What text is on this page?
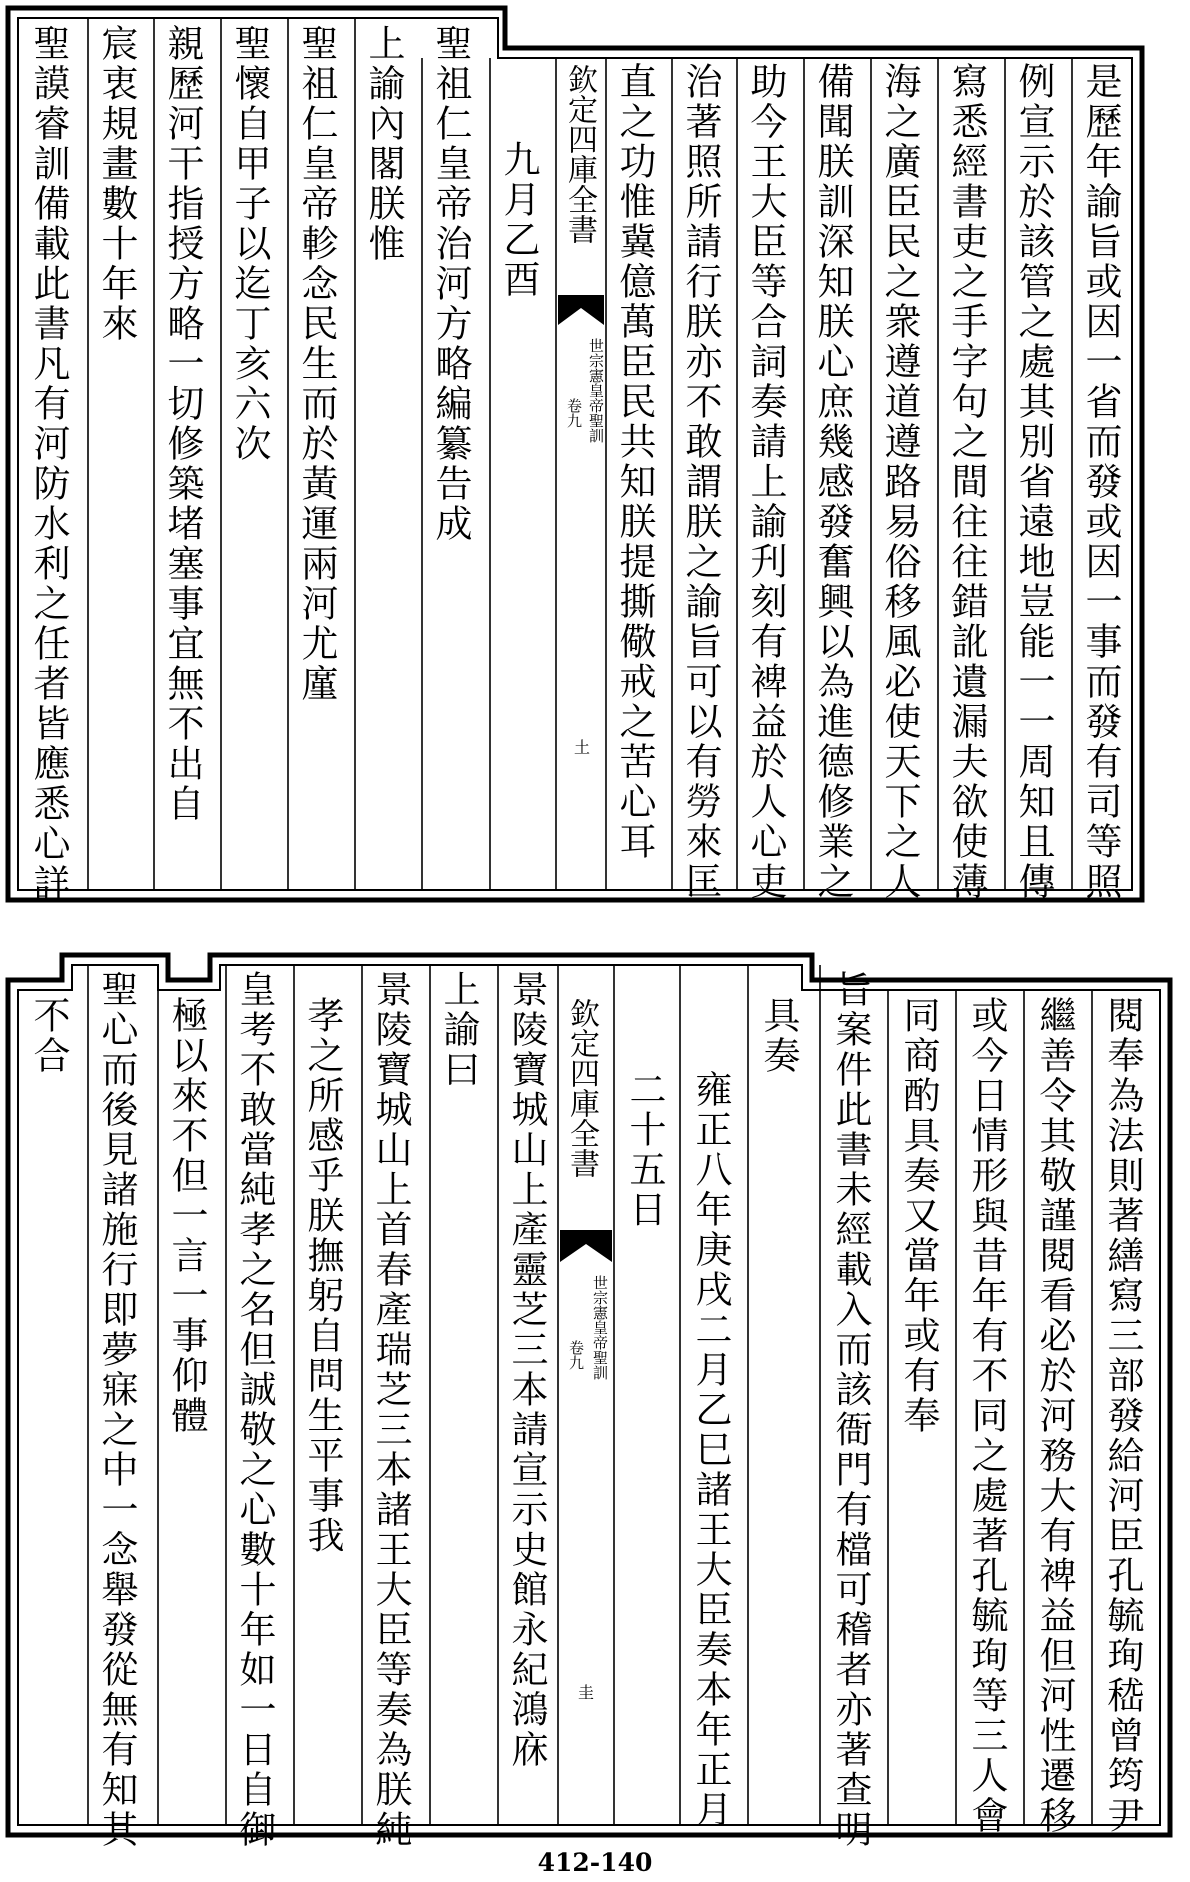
欽定四庫全書
世宗憲皇帝聖訓
卷九
土	是歷年諭旨或因一省而發或因一事而發有司等照
例宣示於該管之處其別省遠地豈能一一周知且傳
寫悉經書吏之手字句之間往往錯訛遺漏夫欲使薄
海之廣臣民之衆遵道遵路易俗移風必使天下之人
備聞朕訓深知朕心庶幾感發奮興以為進德修業之
助今王大臣等合詞奏請上諭刋刻有裨益於人心吏
治著照所請行朕亦不敢謂朕之諭旨可以有勞來匡
直之功惟冀億萬臣民共知朕提撕儆戒之苦心耳
九月乙酉
聖祖仁皇帝治河方略編纂告成
上諭內閣朕惟
聖祖仁皇帝軫念民生而於黃運兩河尤廑
聖懷自甲子以迄丁亥六次
親歷河干指授方略一切修築堵塞事宜無不出自
宸衷規畫數十年來
聖謨睿訓備載此書凡有河防水利之任者皆應悉心詳
欽定四庫全書
世宗憲皇帝聖訓
卷九
圭	閱奉為法則著繕寫三部發給河臣孔毓珣嵇曾筠尹
繼善令其敬謹閱看必於河務大有裨益但河性遷移
或今日情形與昔年有不同之處著孔毓珣等三人會
同商酌具奏又當年或有奉
旨案件此書未經載入而該衙門有檔可稽者亦著查明
具奏
雍正八年庚戌二月乙巳諸王大臣奏本年正月
二十五日
景陵寶城山上產靈芝三本請宣示史館永紀鴻庥
上諭曰
景陵寶城山上首春產瑞芝三本諸王大臣等奏為朕純
孝之所感乎朕撫躬自問生平事我
皇考不敢當純孝之名但誠敬之心數十年如一日自御
極以來不但一言一事仰體
聖心而後見諸施行即夢寐之中一念舉發從無有知其
不合
412-140
